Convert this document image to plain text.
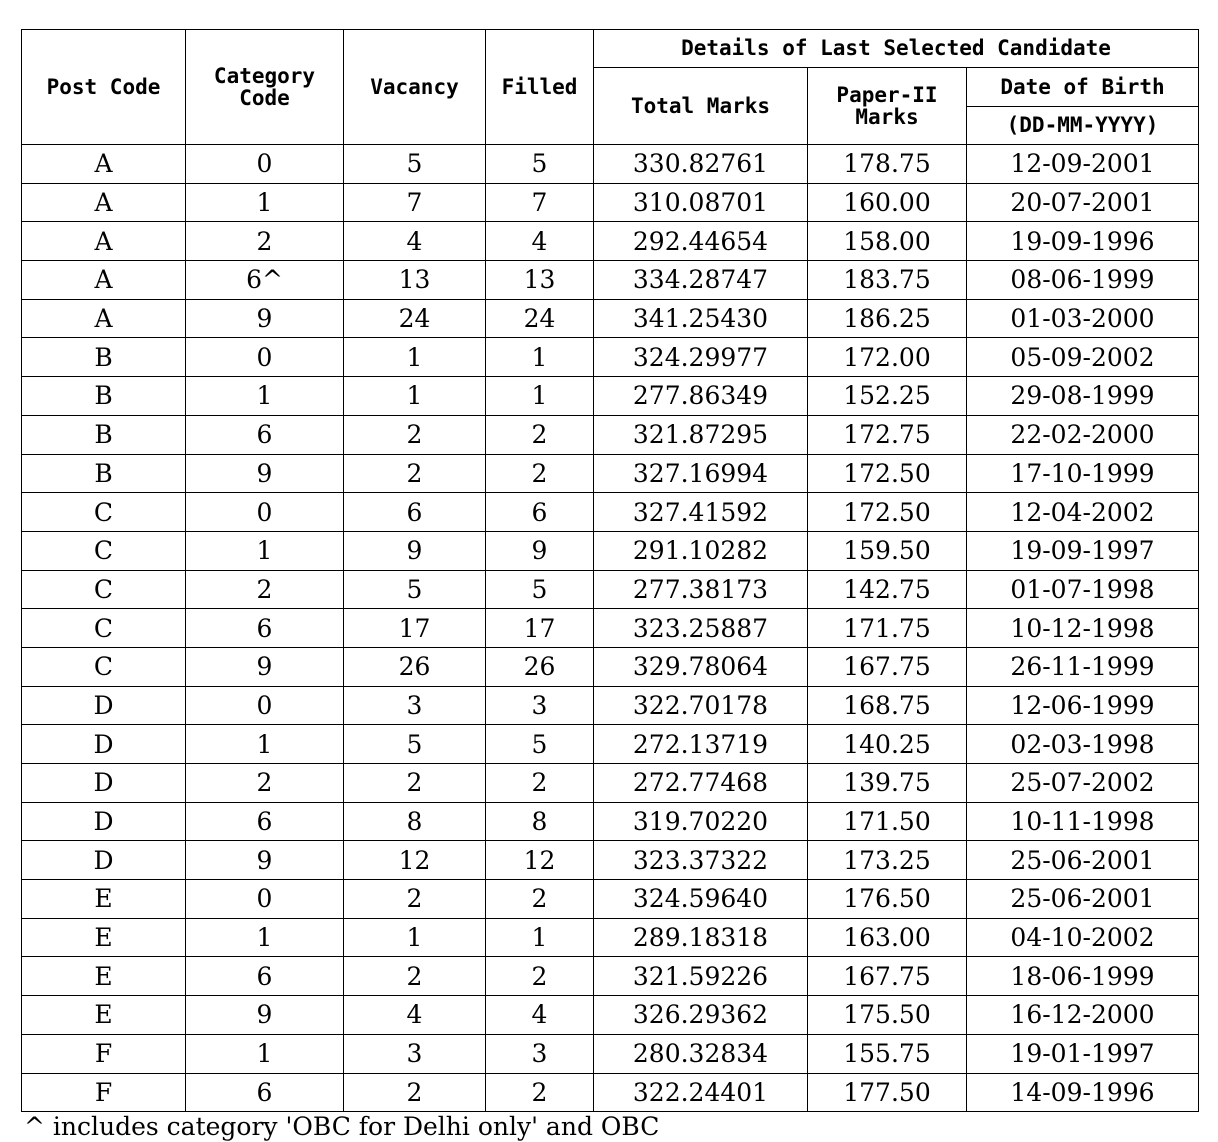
Post Code	Category Code	Vacancy	Filled	Details of Last Selected Candidate		
				Total Marks	Paper-II Marks	Date of Birth
						(DD-MM-YYYY)
A	0	5	5	330.82761	178.75	12-09-2001
A	1	7	7	310.08701	160.00	20-07-2001
A	2	4	4	292.44654	158.00	19-09-1996
A	6^	13	13	334.28747	183.75	08-06-1999
A	9	24	24	341.25430	186.25	01-03-2000
B	0	1	1	324.29977	172.00	05-09-2002
B	1	1	1	277.86349	152.25	29-08-1999
B	6	2	2	321.87295	172.75	22-02-2000
B	9	2	2	327.16994	172.50	17-10-1999
C	0	6	6	327.41592	172.50	12-04-2002
C	1	9	9	291.10282	159.50	19-09-1997
C	2	5	5	277.38173	142.75	01-07-1998
C	6	17	17	323.25887	171.75	10-12-1998
C	9	26	26	329.78064	167.75	26-11-1999
D	0	3	3	322.70178	168.75	12-06-1999
D	1	5	5	272.13719	140.25	02-03-1998
D	2	2	2	272.77468	139.75	25-07-2002
D	6	8	8	319.70220	171.50	10-11-1998
D	9	12	12	323.37322	173.25	25-06-2001
E	0	2	2	324.59640	176.50	25-06-2001
E	1	1	1	289.18318	163.00	04-10-2002
E	6	2	2	321.59226	167.75	18-06-1999
E	9	4	4	326.29362	175.50	16-12-2000
F	1	3	3	280.32834	155.75	19-01-1997
F	6	2	2	322.24401	177.50	14-09-1996
^ includes category 'OBC for Delhi only' and OBC
